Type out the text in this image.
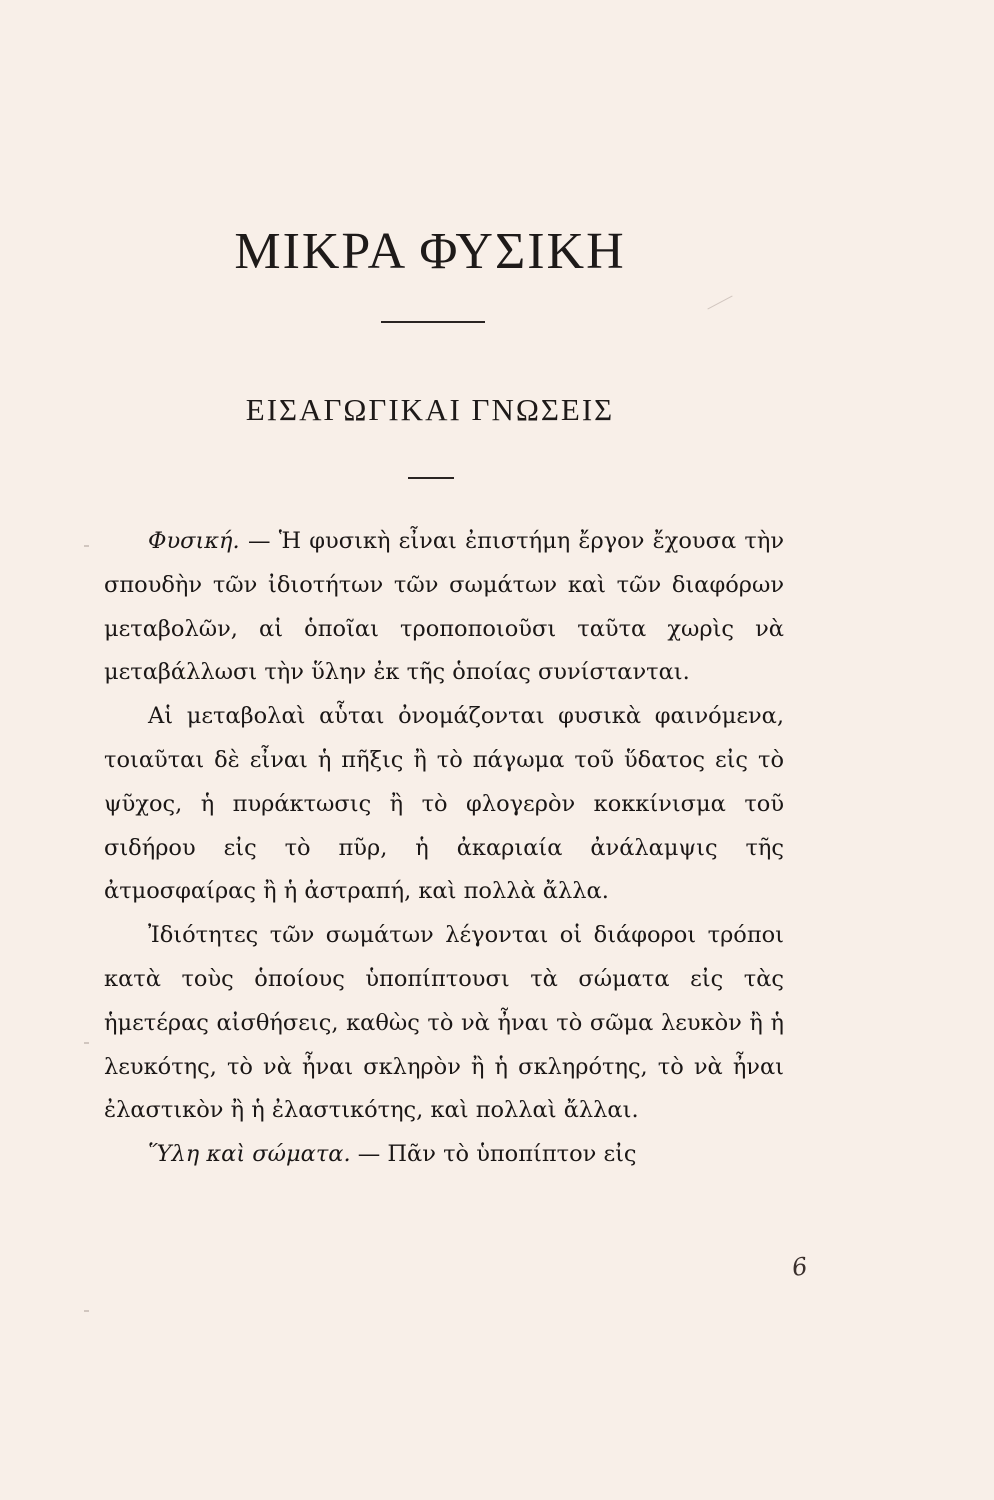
ΜΙΚΡΑ ΦΥΣΙΚΗ
ΕΙΣΑΓΩΓΙΚΑΙ ΓΝΩΣΕΙΣ

Φυσική. — Ἡ φυσικὴ εἶναι ἐπιστήμη ἔργον ἔχουσα τὴν σπουδὴν τῶν ἰδιοτήτων τῶν σωμάτων καὶ τῶν διαφόρων μεταβολῶν, αἱ ὁποῖαι τροποποιοῦσι ταῦτα χωρὶς νὰ μεταβάλλωσι τὴν ὕλην ἐκ τῆς ὁποίας συνίστανται.

Αἱ μεταβολαὶ αὗται ὀνομάζονται φυσικὰ φαινόμενα, τοιαῦται δὲ εἶναι ἡ πῆξις ἢ τὸ πάγωμα τοῦ ὕδατος εἰς τὸ ψῦχος, ἡ πυράκτωσις ἢ τὸ φλογερὸν κοκκίνισμα τοῦ σιδήρου εἰς τὸ πῦρ, ἡ ἀκαριαία ἀνάλαμψις τῆς ἀτμοσφαίρας ἢ ἡ ἀστραπή, καὶ πολλὰ ἄλλα.

Ἰδιότητες τῶν σωμάτων λέγονται οἱ διάφοροι τρόποι κατὰ τοὺς ὁποίους ὑποπίπτουσι τὰ σώματα εἰς τὰς ἡμετέρας αἰσθήσεις, καθὼς τὸ νὰ ἦναι τὸ σῶμα λευκὸν ἢ ἡ λευκότης, τὸ νὰ ἦναι σκληρὸν ἢ ἡ σκληρότης, τὸ νὰ ἦναι ἐλαστικὸν ἢ ἡ ἐλαστικότης, καὶ πολλαὶ ἄλλαι.

Ὕλη καὶ σώματα. — Πᾶν τὸ ὑποπίπτον εἰς

6
